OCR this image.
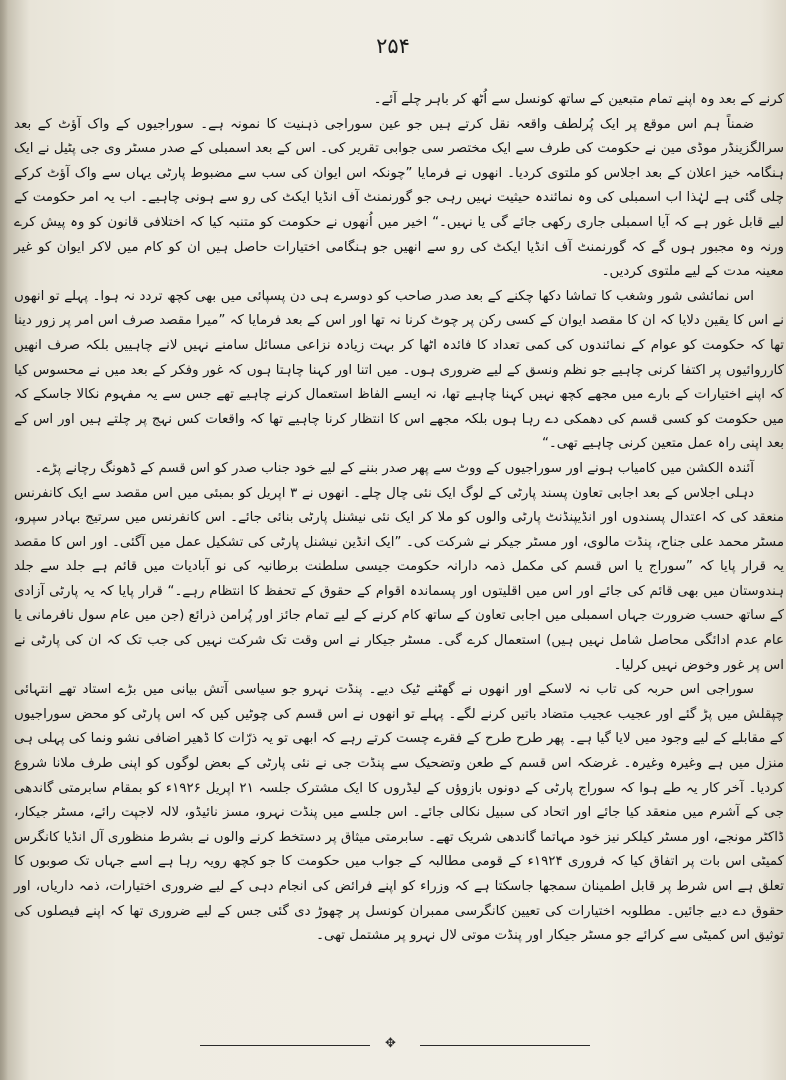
۲۵۴

کرنے کے بعد وہ اپنے تمام متبعین کے ساتھ کونسل سے اُٹھ کر باہر چلے آئے۔

ضمناً ہم اس موقع پر ایک پُرلطف واقعہ نقل کرتے ہیں جو عین سوراجی ذہنیت کا نمونہ ہے۔ سوراجیوں کے واک آؤٹ کے بعد سرالگزینڈر موڈی مین نے حکومت کی طرف سے ایک مختصر سی جوابی تقریر کی۔ اس کے بعد اسمبلی کے صدر مسٹر وی جی پٹیل نے ایک ہنگامہ خیز اعلان کے بعد اجلاس کو ملتوی کردیا۔ انھوں نے فرمایا ”چونکہ اس ایوان کی سب سے مضبوط پارٹی یہاں سے واک آؤٹ کرکے چلی گئی ہے لہٰذا اب اسمبلی کی وہ نمائندہ حیثیت نہیں رہی جو گورنمنٹ آف انڈیا ایکٹ کی رو سے ہونی چاہیے۔ اب یہ امر حکومت کے لیے قابل غور ہے کہ آیا اسمبلی جاری رکھی جائے گی یا نہیں۔“ اخیر میں اُنھوں نے حکومت کو متنبہ کیا کہ اختلافی قانون کو وہ پیش کرے ورنہ وہ مجبور ہوں گے کہ گورنمنٹ آف انڈیا ایکٹ کی رو سے انھیں جو ہنگامی اختیارات حاصل ہیں ان کو کام میں لاکر ایوان کو غیر معینہ مدت کے لیے ملتوی کردیں۔

اس نمائشی شور وشغب کا تماشا دکھا چکنے کے بعد صدر صاحب کو دوسرے ہی دن پسپائی میں بھی کچھ تردد نہ ہوا۔ پہلے تو انھوں نے اس کا یقین دلایا کہ ان کا مقصد ایوان کے کسی رکن پر چوٹ کرنا نہ تھا اور اس کے بعد فرمایا کہ ”میرا مقصد صرف اس امر پر زور دینا تھا کہ حکومت کو عوام کے نمائندوں کی کمی تعداد کا فائدہ اٹھا کر بہت زیادہ نزاعی مسائل سامنے نہیں لانے چاہییں بلکہ صرف انھیں کارروائیوں پر اکتفا کرنی چاہیے جو نظم ونسق کے لیے ضروری ہوں۔ میں اتنا اور کہنا چاہتا ہوں کہ غور وفکر کے بعد میں نے محسوس کیا کہ اپنے اختیارات کے بارے میں مجھے کچھ نہیں کہنا چاہیے تھا، نہ ایسے الفاظ استعمال کرنے چاہیے تھے جس سے یہ مفہوم نکالا جاسکے کہ میں حکومت کو کسی قسم کی دھمکی دے رہا ہوں بلکہ مجھے اس کا انتظار کرنا چاہیے تھا کہ واقعات کس نہج پر چلتے ہیں اور اس کے بعد اپنی راہ عمل متعین کرنی چاہیے تھی۔“

آئندہ الکشن میں کامیاب ہونے اور سوراجیوں کے ووٹ سے پھر صدر بننے کے لیے خود جناب صدر کو اس قسم کے ڈھونگ رچانے پڑے۔

دہلی اجلاس کے بعد اجابی تعاون پسند پارٹی کے لوگ ایک نئی چال چلے۔ انھوں نے ۳ اپریل کو بمبئی میں اس مقصد سے ایک کانفرنس منعقد کی کہ اعتدال پسندوں اور انڈیپنڈنٹ پارٹی والوں کو ملا کر ایک نئی نیشنل پارٹی بنائی جائے۔ اس کانفرنس میں سرتیج بہادر سپرو، مسٹر محمد علی جناح، پنڈت مالوی، اور مسٹر جیکر نے شرکت کی۔ ”ایک انڈین نیشنل پارٹی کی تشکیل عمل میں آگئی۔ اور اس کا مقصد یہ قرار پایا کہ ”سوراج یا اس قسم کی مکمل ذمہ دارانہ حکومت جیسی سلطنت برطانیہ کی نو آبادیات میں قائم ہے جلد سے جلد ہندوستان میں بھی قائم کی جائے اور اس میں اقلیتوں اور پسماندہ اقوام کے حقوق کے تحفظ کا انتظام رہے۔“ قرار پایا کہ یہ پارٹی آزادی کے ساتھ حسب ضرورت جہاں اسمبلی میں اجابی تعاون کے ساتھ کام کرنے کے لیے تمام جائز اور پُرامن ذرائع (جن میں عام سول نافرمانی یا عام عدم ادائگی محاصل شامل نہیں ہیں) استعمال کرے گی۔ مسٹر جیکار نے اس وقت تک شرکت نہیں کی جب تک کہ ان کی پارٹی نے اس پر غور وخوض نہیں کرلیا۔

سوراجی اس حربہ کی تاب نہ لاسکے اور انھوں نے گھٹنے ٹیک دیے۔ پنڈت نہرو جو سیاسی آتش بیانی میں بڑے استاد تھے انتہائی چپقلش میں پڑ گئے اور عجیب عجیب متضاد باتیں کرنے لگے۔ پہلے تو انھوں نے اس قسم کی چوٹیں کیں کہ اس پارٹی کو محض سوراجیوں کے مقابلے کے لیے وجود میں لایا گیا ہے۔ پھر طرح طرح کے فقرے چست کرتے رہے کہ ابھی تو یہ ذرّات کا ڈھیر اضافی نشو ونما کی پہلی ہی منزل میں ہے وغیرہ وغیرہ۔ غرضکہ اس قسم کے طعن وتضحیک سے پنڈت جی نے نئی پارٹی کے بعض لوگوں کو اپنی طرف ملانا شروع کردیا۔ آخر کار یہ طے ہوا کہ سوراج پارٹی کے دونوں بازوؤں کے لیڈروں کا ایک مشترک جلسہ ۲۱ اپریل ۱۹۲۶ء کو بمقام سابرمتی گاندھی جی کے آشرم میں منعقد کیا جائے اور اتحاد کی سبیل نکالی جائے۔ اس جلسے میں پنڈت نہرو، مسز نائیڈو، لالہ لاجپت رائے، مسٹر جیکار، ڈاکٹر مونجے، اور مسٹر کیلکر نیز خود مہاتما گاندھی شریک تھے۔ سابرمتی میثاق پر دستخط کرنے والوں نے بشرط منظوری آل انڈیا کانگرس کمیٹی اس بات پر اتفاق کیا کہ فروری ۱۹۲۴ء کے قومی مطالبہ کے جواب میں حکومت کا جو کچھ رویہ رہا ہے اسے جہاں تک صوبوں کا تعلق ہے اس شرط پر قابل اطمینان سمجھا جاسکتا ہے کہ وزراء کو اپنے فرائض کی انجام دہی کے لیے ضروری اختیارات، ذمہ داریاں، اور حقوق دے دیے جائیں۔ مطلوبہ اختیارات کی تعیین کانگرسی ممبران کونسل پر چھوڑ دی گئی جس کے لیے ضروری تھا کہ اپنے فیصلوں کی توثیق اس کمیٹی سے کرائے جو مسٹر جیکار اور پنڈت موتی لال نہرو پر مشتمل تھی۔

✥
